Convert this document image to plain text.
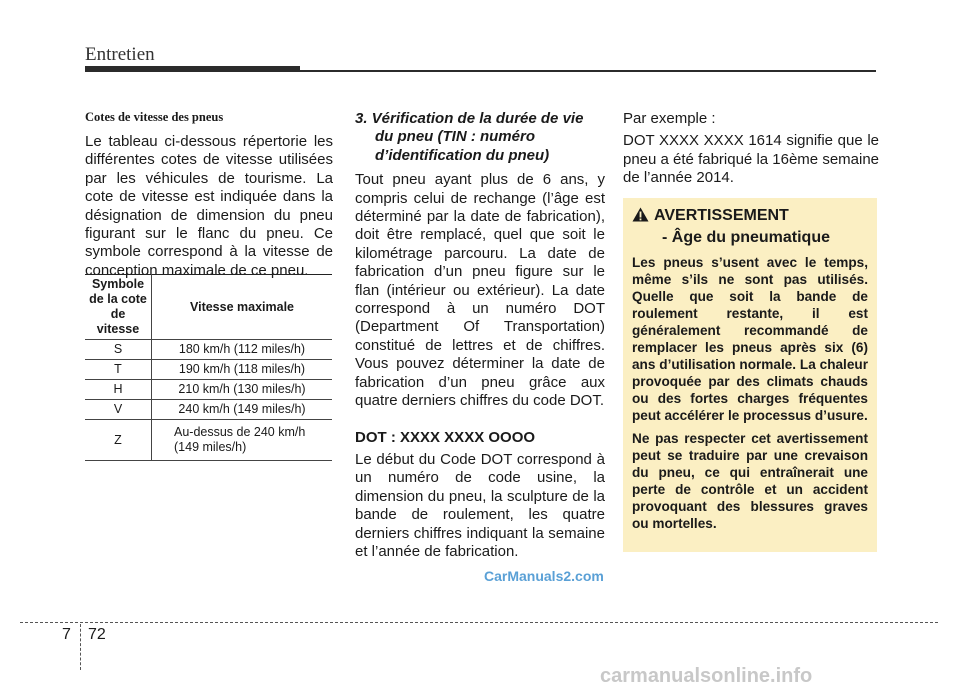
Entretien

Cotes de vitesse des pneus

Le tableau ci-dessous répertorie les différentes cotes de vitesse utilisées par les véhicules de tourisme. La cote de vitesse est indiquée dans la désignation de dimension du pneu figurant sur le flanc du pneu. Ce symbole correspond à la vitesse de conception maximale de ce pneu.

Symbole de la cote de vitesse	Vitesse maximale
S	180 km/h (112 miles/h)
T	190 km/h (118 miles/h)
H	210 km/h (130 miles/h)
V	240 km/h (149 miles/h)
Z	Au-dessus de 240 km/h (149 miles/h)

3. Vérification de la durée de vie du pneu (TIN : numéro d’identification du pneu)

Tout pneu ayant plus de 6 ans, y compris celui de rechange (l’âge est déterminé par la date de fabrication), doit être remplacé, quel que soit le kilométrage parcouru. La date de fabrication d’un pneu figure sur le flan (intérieur ou extérieur). La date correspond à un numéro DOT (Department Of Transportation) constitué de lettres et de chiffres. Vous pouvez déterminer la date de fabrication d’un pneu grâce aux quatre derniers chiffres du code DOT.

DOT : XXXX XXXX OOOO

Le début du Code DOT correspond à un numéro de code usine, la dimension du pneu, la sculpture de la bande de roulement, les quatre derniers chiffres indiquant la semaine et l’année de fabrication.

Par exemple :

DOT XXXX XXXX 1614 signifie que le pneu a été fabriqué la 16ème semaine de l’année 2014.

AVERTISSEMENT

- Âge du pneumatique

Les pneus s’usent avec le temps, même s’ils ne sont pas utilisés. Quelle que soit la bande de roulement restante, il est généralement recommandé de remplacer les pneus après six (6) ans d’utilisation normale. La chaleur provoquée par des climats chauds ou des fortes charges fréquentes peut accélérer le processus d’usure.

Ne pas respecter cet avertissement peut se traduire par une crevaison du pneu, ce qui entraînerait une perte de contrôle et un accident provoquant des blessures graves ou mortelles.

CarManuals2.com
7 72
carmanualsonline.info
